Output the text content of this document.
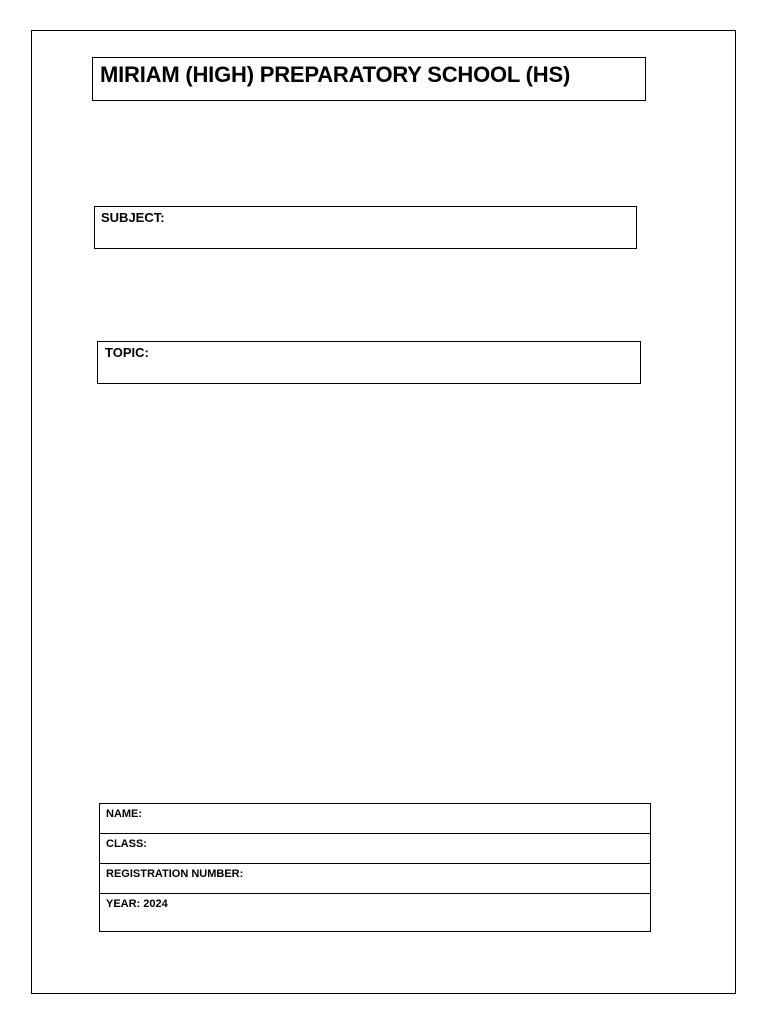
MIRIAM (HIGH) PREPARATORY SCHOOL (HS)
SUBJECT:
TOPIC:
NAME:
CLASS:
REGISTRATION NUMBER:
YEAR: 2024
